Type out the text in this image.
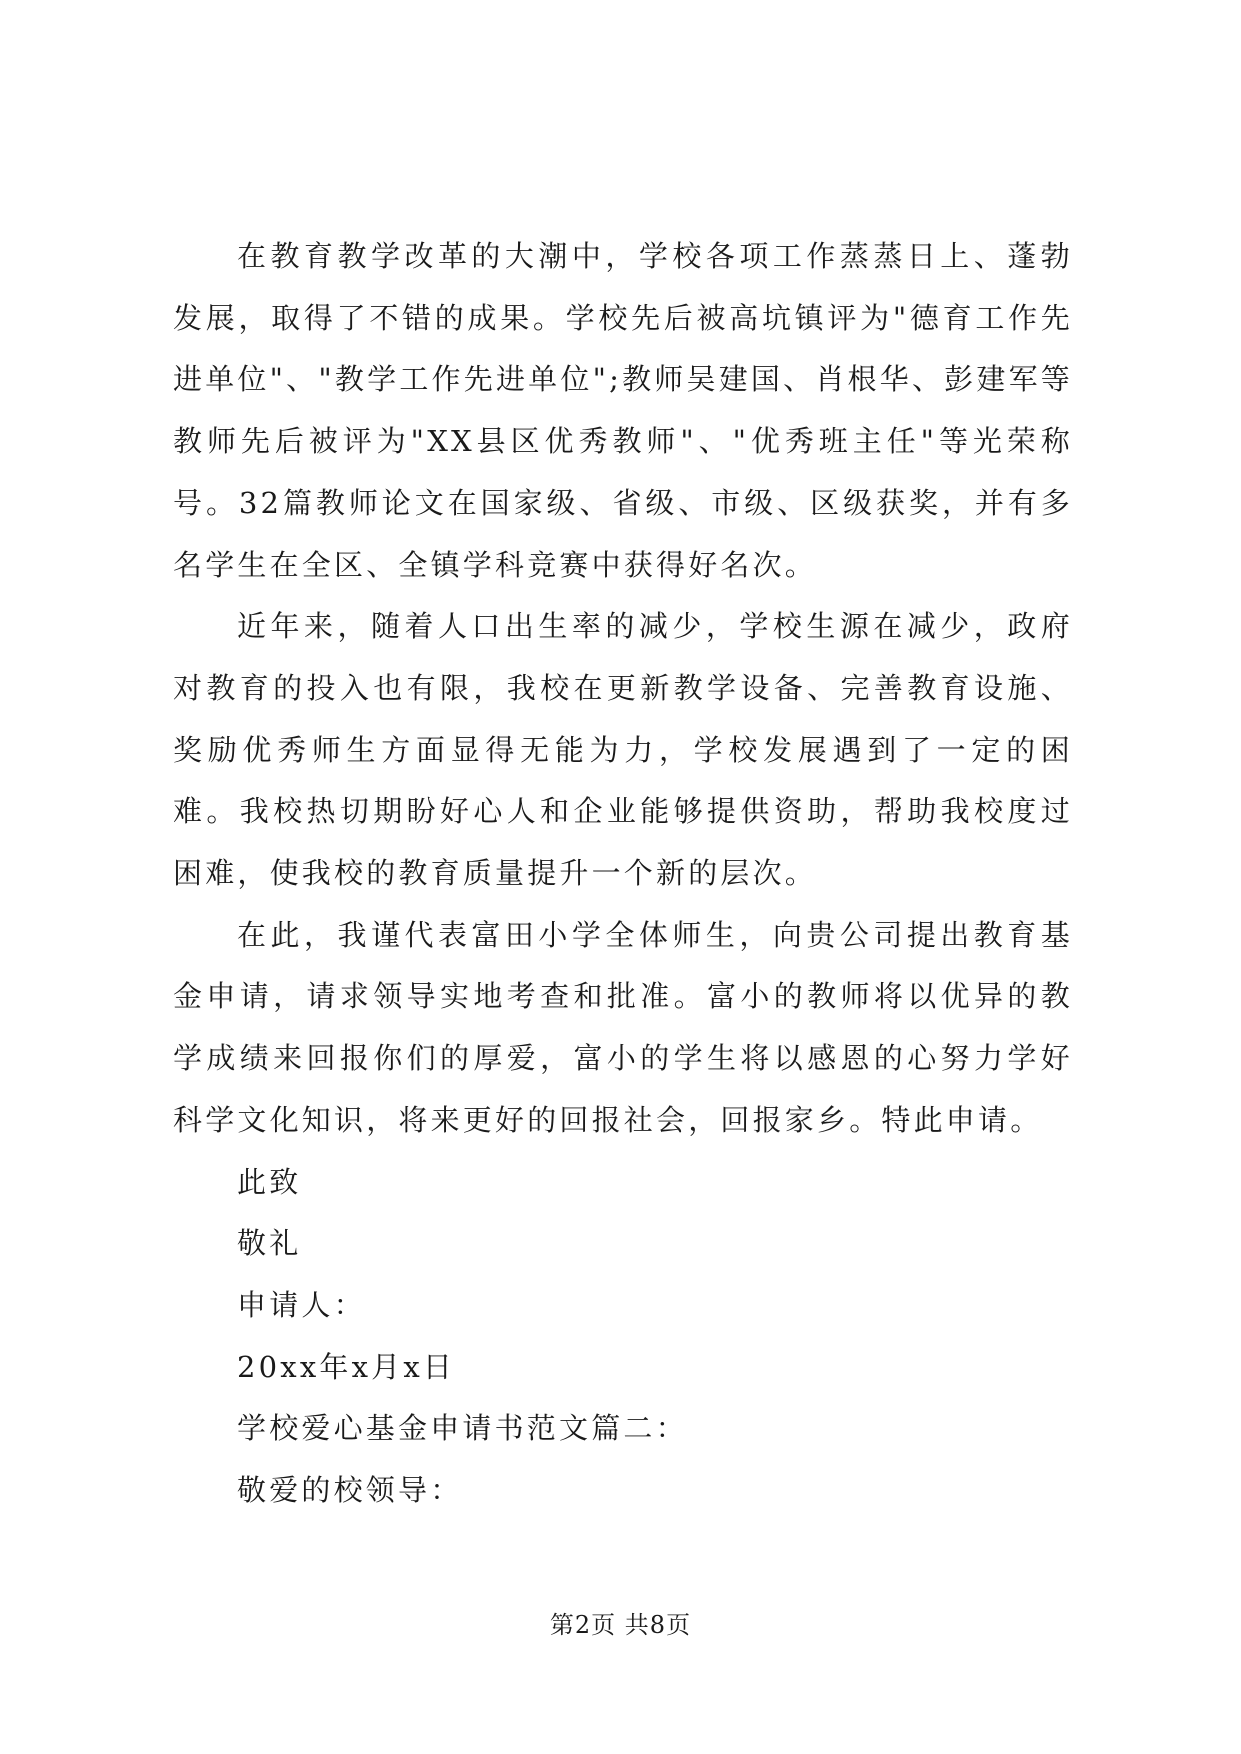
在教育教学改革的大潮中，学校各项工作蒸蒸日上、蓬勃发展，取得了不错的成果。学校先后被高坑镇评为"德育工作先进单位"、"教学工作先进单位";教师吴建国、肖根华、彭建军等教师先后被评为"XX县区优秀教师"、"优秀班主任"等光荣称号。32篇教师论文在国家级、省级、市级、区级获奖，并有多名学生在全区、全镇学科竞赛中获得好名次。

近年来，随着人口出生率的减少，学校生源在减少，政府对教育的投入也有限，我校在更新教学设备、完善教育设施、奖励优秀师生方面显得无能为力，学校发展遇到了一定的困难。我校热切期盼好心人和企业能够提供资助，帮助我校度过困难，使我校的教育质量提升一个新的层次。

在此，我谨代表富田小学全体师生，向贵公司提出教育基金申请，请求领导实地考查和批准。富小的教师将以优异的教学成绩来回报你们的厚爱，富小的学生将以感恩的心努力学好科学文化知识，将来更好的回报社会，回报家乡。特此申请。

此致

敬礼

申请人：

20xx年x月x日

学校爱心基金申请书范文篇二：

敬爱的校领导：

第2页 共8页
